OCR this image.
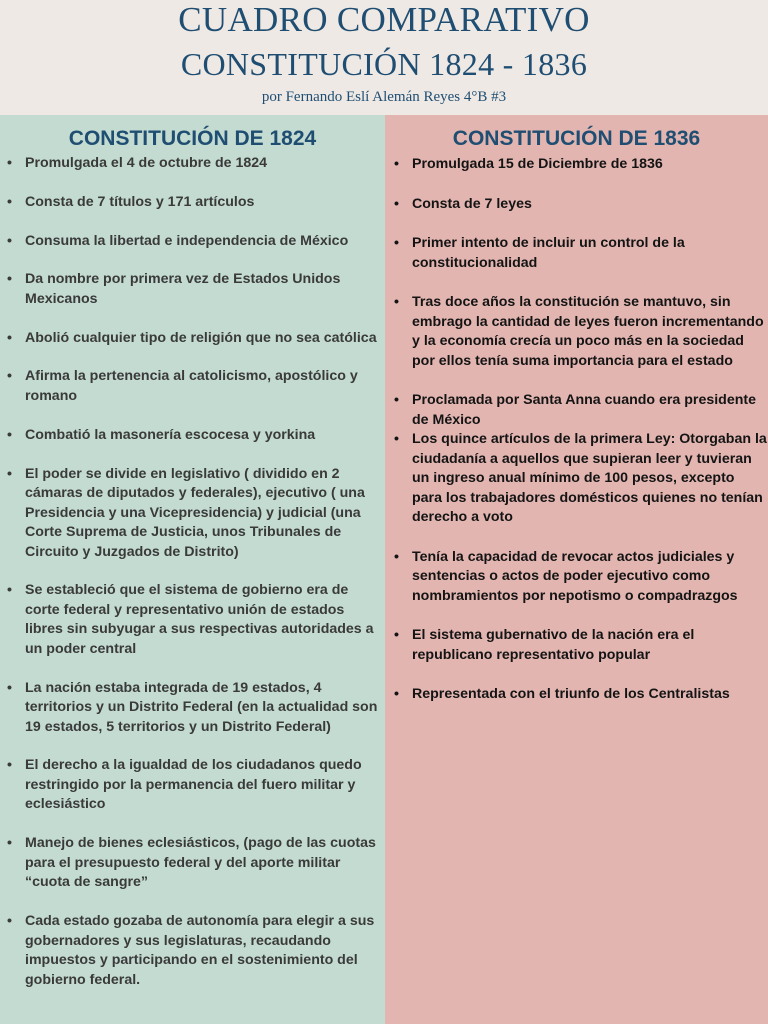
CUADRO COMPARATIVO
CONSTITUCIÓN 1824 - 1836
por Fernando Eslí Alemán Reyes 4°B #3
CONSTITUCIÓN DE 1824
• Promulgada el 4 de octubre de 1824
• Consta de 7 títulos y 171 artículos
• Consuma la libertad e independencia de México
• Da nombre por primera vez de Estados Unidos Mexicanos
• Abolió cualquier tipo de religión que no sea católica
• Afirma la pertenencia al catolicismo, apostólico y romano
• Combatió la masonería escocesa y yorkina
• El poder se divide en legislativo ( dividido en 2 cámaras de diputados y federales), ejecutivo ( una Presidencia y una Vicepresidencia) y judicial (una Corte Suprema de Justicia, unos Tribunales de Circuito y Juzgados de Distrito)
• Se estableció que el sistema de gobierno era de corte federal y representativo unión de estados libres sin subyugar a sus respectivas autoridades a un poder central
• La nación estaba integrada de 19 estados, 4 territorios y un Distrito Federal (en la actualidad son 19 estados, 5 territorios y un Distrito Federal)
• El derecho a la igualdad de los ciudadanos quedo restringido por la permanencia del fuero militar y eclesiástico
• Manejo de bienes eclesiásticos, (pago de las cuotas para el presupuesto federal y del aporte militar “cuota de sangre”
• Cada estado gozaba de autonomía para elegir a sus gobernadores y sus legislaturas, recaudando impuestos y participando en el sostenimiento del gobierno federal.
CONSTITUCIÓN DE 1836
• Promulgada 15 de Diciembre de 1836
• Consta de 7 leyes
• Primer intento de incluir un control de la constitucionalidad
• Tras doce años la constitución se mantuvo, sin embrago la cantidad de leyes fueron incrementando y la economía crecía un poco más en la sociedad por ellos tenía suma importancia para el estado
• Proclamada por Santa Anna cuando era presidente de México
• Los quince artículos de la primera Ley: Otorgaban la ciudadanía a aquellos que supieran leer y tuvieran un ingreso anual mínimo de 100 pesos, excepto para los trabajadores domésticos quienes no tenían derecho a voto
• Tenía la capacidad de revocar actos judiciales y sentencias o actos de poder ejecutivo como nombramientos por nepotismo o compadrazgos
• El sistema gubernativo de la nación era el republicano representativo popular
• Representada con el triunfo de los Centralistas
